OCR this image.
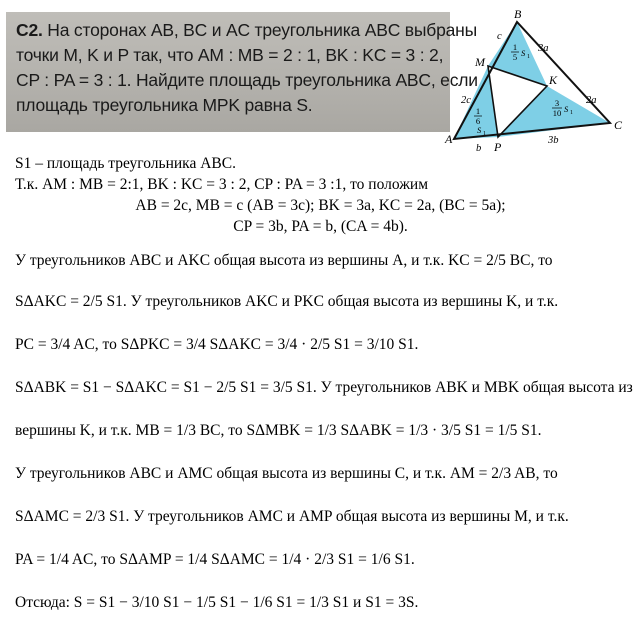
С2. На сторонах AB, BC и AC треугольника ABC выбраны
точки M, K и P так, что AM : MB = 2 : 1, BK : KC = 3 : 2,
CP : PA = 3 : 1. Найдите площадь треугольника ABC, если
площадь треугольника MPK равна S.
B
M
K
A
P
C
c
3a
2c	2a
b
3b
1
5 S 1
1
6
S 1
3
10 S 1
S1 – площадь треугольника ABC.
Т.к. AM : MB = 2:1, BK : KC = 3 : 2, CP : PA = 3 :1, то положим
AB = 2c, MB = c (AB = 3c); BK = 3a, KC = 2a, (BC = 5a);
CP = 3b, PA = b, (CA = 4b).
У треугольников ABC и AKC общая высота из вершины A, и т.к. KC = 2/5 BC, то
SΔAKC = 2/5 S1. У треугольников AKC и PKC общая высота из вершины K, и т.к.
PC = 3/4 AC, то SΔPKC = 3/4 SΔAKC = 3/4 · 2/5 S1 = 3/10 S1.
SΔABK = S1 − SΔAKC = S1 − 2/5 S1 = 3/5 S1. У треугольников ABK и MBK общая высота из
вершины K, и т.к. MB = 1/3 BC, то SΔMBK = 1/3 SΔABK = 1/3 · 3/5 S1 = 1/5 S1.
У треугольников ABC и AMC общая высота из вершины C, и т.к. AM = 2/3 AB, то
SΔAMC = 2/3 S1. У треугольников AMC и AMP общая высота из вершины M, и т.к.
PA = 1/4 AC, то SΔAMP = 1/4 SΔAMC = 1/4 · 2/3 S1 = 1/6 S1.
Отсюда: S = S1 − 3/10 S1 − 1/5 S1 − 1/6 S1 = 1/3 S1 и S1 = 3S.
